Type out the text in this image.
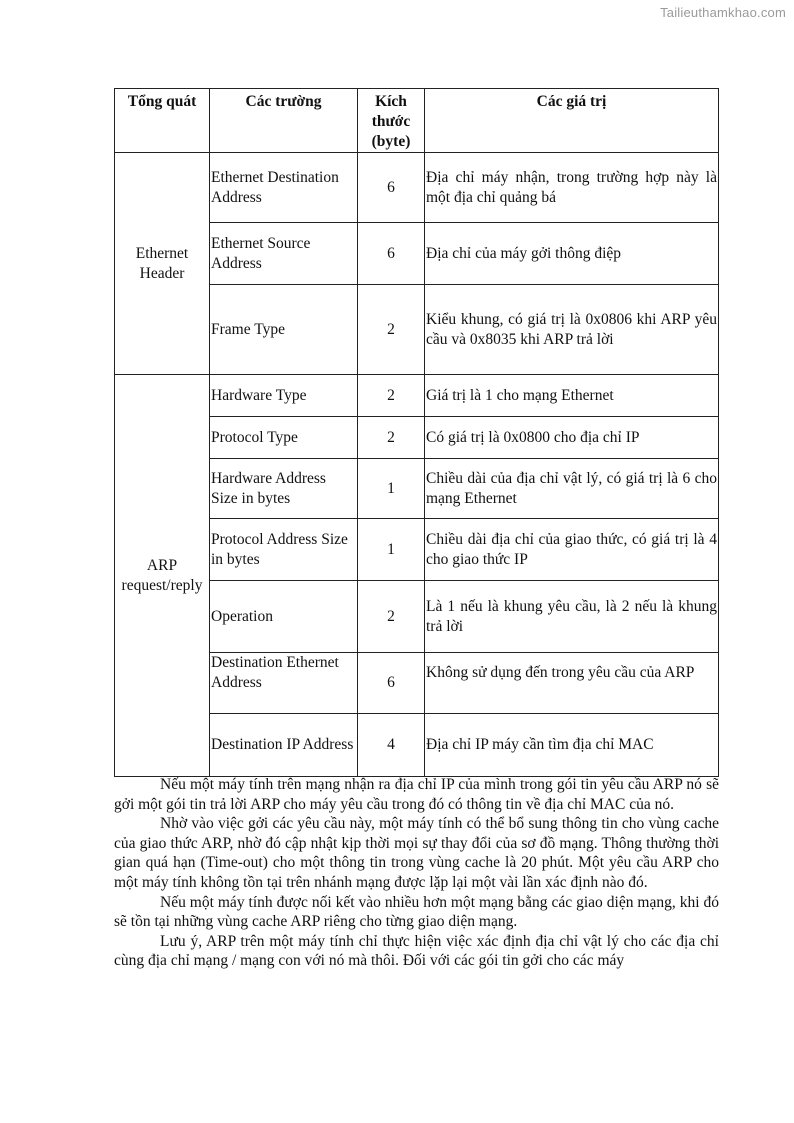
Tailieuthamkhao.com
Tổng quát	Các trường	Kích thước (byte)	Các giá trị
Ethernet Header	Ethernet Destination Address	6	Địa chỉ máy nhận, trong trường hợp này là một địa chỉ quảng bá
	Ethernet Source Address	6	Địa chỉ của máy gởi thông điệp
	Frame Type	2	Kiểu khung, có giá trị là 0x0806 khi ARP yêu cầu và 0x8035 khi ARP trả lời
ARP request/reply	Hardware Type	2	Giá trị là 1 cho mạng Ethernet
	Protocol Type	2	Có giá trị là 0x0800 cho địa chỉ IP
	Hardware Address Size in bytes	1	Chiều dài của địa chỉ vật lý, có giá trị là 6 cho mạng Ethernet
	Protocol Address Size in bytes	1	Chiều dài địa chỉ của giao thức, có giá trị là 4 cho giao thức IP
	Operation	2	Là 1 nếu là khung yêu cầu, là 2 nếu là khung trả lời
	Destination Ethernet Address	6	Không sử dụng đến trong yêu cầu của ARP
	Destination IP Address	4	Địa chỉ IP máy cần tìm địa chỉ MAC

Nếu một máy tính trên mạng nhận ra địa chỉ IP của mình trong gói tin yêu cầu ARP nó sẽ gởi một gói tin trả lời ARP cho máy yêu cầu trong đó có thông tin về địa chỉ MAC của nó.

Nhờ vào việc gởi các yêu cầu này, một máy tính có thể bổ sung thông tin cho vùng cache của giao thức ARP, nhờ đó cập nhật kịp thời mọi sự thay đổi của sơ đồ mạng. Thông thường thời gian quá hạn (Time-out) cho một thông tin trong vùng cache là 20 phút. Một yêu cầu ARP cho một máy tính không tồn tại trên nhánh mạng được lặp lại một vài lần xác định nào đó.

Nếu một máy tính được nối kết vào nhiều hơn một mạng bằng các giao diện mạng, khi đó sẽ tồn tại những vùng cache ARP riêng cho từng giao diện mạng.

Lưu ý, ARP trên một máy tính chỉ thực hiện việc xác định địa chỉ vật lý cho các địa chỉ cùng địa chỉ mạng / mạng con với nó mà thôi. Đối với các gói tin gởi cho các máy
